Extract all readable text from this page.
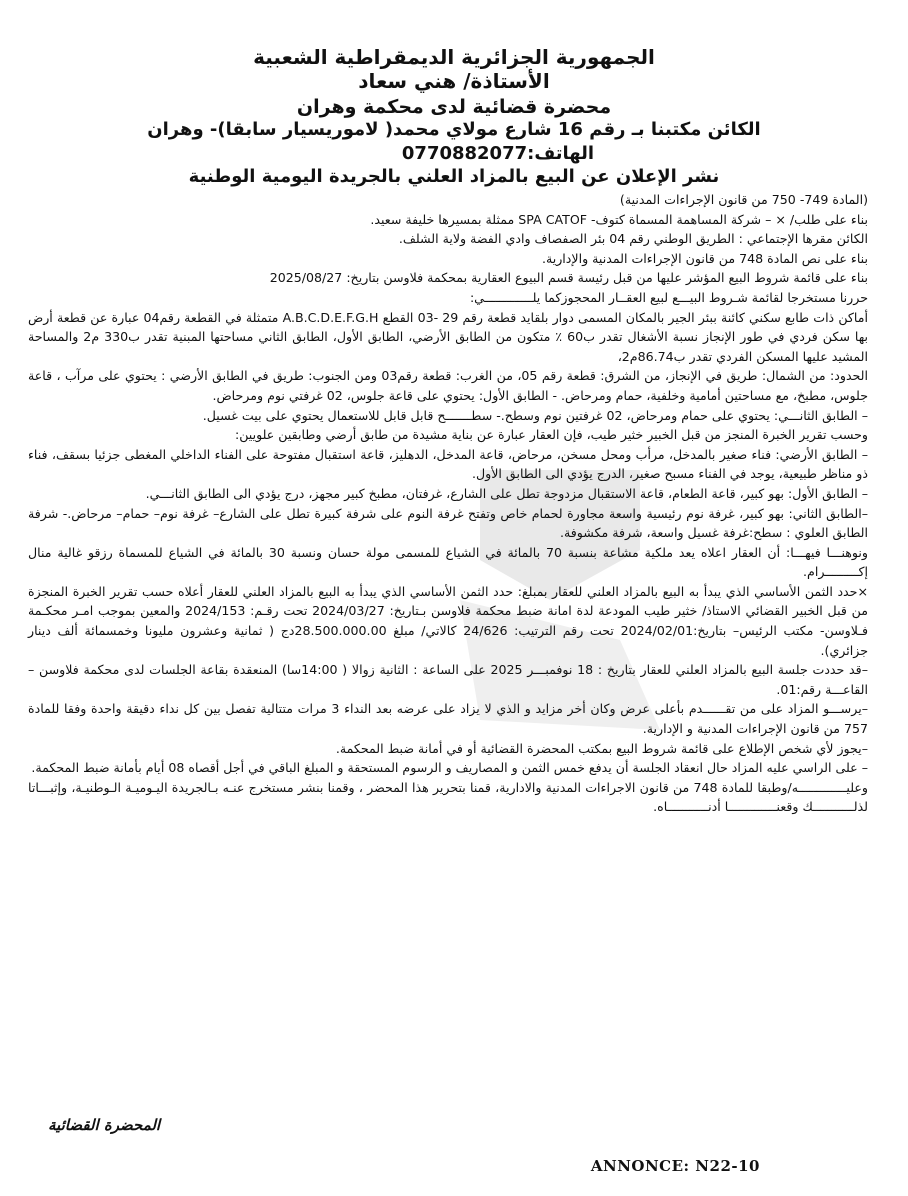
الجمهورية الجزائرية الديمقراطية الشعبية
الأستاذة/ هني سعاد
محضرة قضائية لدى محكمة وهران
الكائن مكتبنا بـ رقم 16 شارع مولاي محمد( لاموريسيار سابقا)- وهران
الهاتف:0770882077
نشر الإعلان عن البيع بالمزاد العلني بالجريدة اليومية الوطنية

(المادة 749- 750 من قانون الإجراءات المدنية)

بناء على طلب/ × – شركة المساهمة المسماة كتوف- SPA CATOF ممثلة بمسيرها خليفة سعيد.

الكائن مقرها الإجتماعي : الطريق الوطني رقم 04 بئر الصفصاف وادي الفضة ولاية الشلف.

بناء على نص المادة 748 من قانون الإجراءات المدنية والإدارية.

بناء على قائمة شروط البيع المؤشر عليها من قبل رئيسة قسم البيوع العقارية بمحكمة فلاوسن بتاريخ: 2025/08/27

حررنا مستخرجا لقائمة شـروط البيـــع لبيع العقــار المحجوزكما يلـــــــــــــي:

أماكن ذات طابع سكني كائنة ببئر الجير بالمكان المسمى دوار بلقايد قطعة رقم 29 -03 القطع A.B.C.D.E.F.G.H متمثلة في القطعة رقم04 عبارة عن قطعة أرض بها سكن فردي في طور الإنجاز نسبة الأشغال تقدر ب60 ٪ متكون من الطابق الأرضي، الطابق الأول، الطابق الثاني مساحتها المبنية تقدر ب330 م2 والمساحة المشيد عليها المسكن الفردي تقدر ب86.74م2،

الحدود: من الشمال: طريق في الإنجاز، من الشرق: قطعة رقم 05، من الغرب: قطعة رقم03 ومن الجنوب: طريق في الطابق الأرضي : يحتوي على مرآب ، قاعة جلوس، مطبخ، مع مساحتين أمامية وخلفية، حمام ومرحاض. - الطابق الأول: يحتوي على قاعة جلوس، 02 غرفتي نوم ومرحاض.

– الطابق الثانـــي: يحتوي على حمام ومرحاض، 02 غرفتين نوم وسطح.- سطـــــــح قابل قابل للاستعمال يحتوي على بيت غسيل.

وحسب تقرير الخبرة المنجز من قبل الخبير خثير طيب، فإن العقار عبارة عن بناية مشيدة من طابق أرضي وطابقين علويين:

– الطابق الأرضي: فناء صغير بالمدخل، مرأب ومحل مسخن، مرحاض، قاعة المدخل، الدهليز، قاعة استقبال مفتوحة على الفناء الداخلي المغطى جزئيا بسقف، فناء ذو مناظر طبيعية، يوجد في الفناء مسبح صغير، الدرج يؤدي الى الطابق الأول.

– الطابق الأول: بهو كبير، قاعة الطعام، قاعة الاستقبال مزدوجة تطل على الشارع، غرفتان، مطبخ كبير مجهز، درج يؤدي الى الطابق الثانـــي.

–الطابق الثاني: بهو كبير، غرفة نوم رئيسية واسعة مجاورة لحمام خاص وتفتح غرفة النوم على شرفة كبيرة تطل على الشارع– غرفة نوم– حمام– مرحاض.- شرفة الطابق العلوي : سطح:غرفة غسيل واسعة، شرفة مكشوفة.

ونوهنـــا فيهـــا: أن العقار اعلاه يعد ملكية مشاعة بنسبة 70 بالمائة في الشياع للمسمى مولة حسان ونسبة 30 بالمائة في الشياع للمسماة رزقو غالية منال إكـــــــــرام.

×حدد الثمن الأساسي الذي يبدأ به البيع بالمزاد العلني للعقار بمبلغ: حدد الثمن الأساسي الذي يبدأ به البيع بالمزاد العلني للعقار أعلاه حسب تقرير الخبرة المنجزة من قبل الخبير القضائي الاستاذ/ خثير طيب المودعة لدة امانة ضبط محكمة فلاوسن بـتاريخ: 2024/03/27 تحت رقـم: 2024/153 والمعين بموجب امـر محكـمة فـلاوسن- مكتب الرئيس– بتاريخ:2024/02/01 تحت رقم الترتيب: 24/626 كالاتي/ مبلغ 28.500.000.00دج ( ثمانية وعشرون مليونا وخمسمائة ألف دينار جزائري).

–قد حددت جلسة البيع بالمزاد العلني للعقار بتاريخ : 18 نوفمبـــر 2025 على الساعة : الثانية زوالا ( 14:00سا) المنعقدة بقاعة الجلسات لدى محكمة فلاوسن – القاعـــة رقم:01.

–يرســـو المزاد على من تقــــــدم بأعلى عرض وكان أخر مزايد و الذي لا يزاد على عرضه بعد النداء 3 مرات متتالية تفصل بين كل نداء دقيقة واحدة وفقا للمادة 757 من قانون الإجراءات المدنية و الإدارية.

–يجوز لأي شخص الإطلاع على قائمة شروط البيع بمكتب المحضرة القضائية أو في أمانة ضبط المحكمة.

– على الراسي عليه المزاد حال انعقاد الجلسة أن يدفع خمس الثمن و المصاريف و الرسوم المستحقة و المبلغ الباقي في أجل أقصاه 08 أيام بأمانة ضبط المحكمة.

وعليـــــــــــــه/وطبقا للمادة 748 من قانون الاجراءات المدنية والادارية، قمنا بتحرير هذا المحضر ، وقمنا بنشر مستخرج عنـه بـالجريدة اليـوميـة الـوطنيـة، وإثبـــاتا لذلـــــــــــك وقعنـــــــــــــا أدنـــــــــــاه.

المحضرة القضائية
ANNONCE: N22-10
